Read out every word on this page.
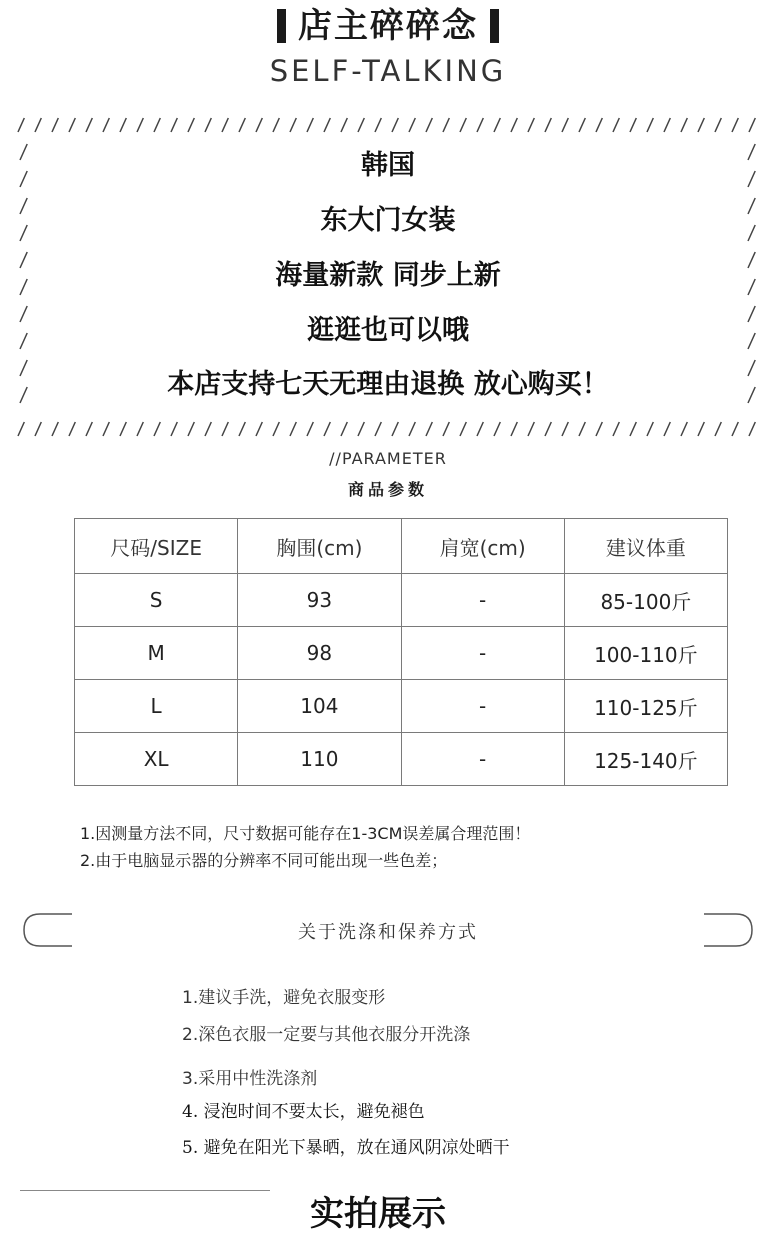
店主碎碎念
SELF-TALKING
韩国
东大门女装
海量新款 同步上新
逛逛也可以哦
本店支持七天无理由退换 放心购买！
//PARAMETER
商品参数
尺码/SIZE	胸围(cm)	肩宽(cm)	建议体重
S	93	-	85-100斤
M	98	-	100-110斤
L	104	-	110-125斤
XL	110	-	125-140斤
1.因测量方法不同，尺寸数据可能存在1-3CM误差属合理范围！
2.由于电脑显示器的分辨率不同可能出现一些色差；
关于洗涤和保养方式
1.建议手洗，避免衣服变形
2.深色衣服一定要与其他衣服分开洗涤
3.采用中性洗涤剂
4. 浸泡时间不要太长，避免褪色
5. 避免在阳光下暴晒，放在通风阴凉处晒干
实拍展示
